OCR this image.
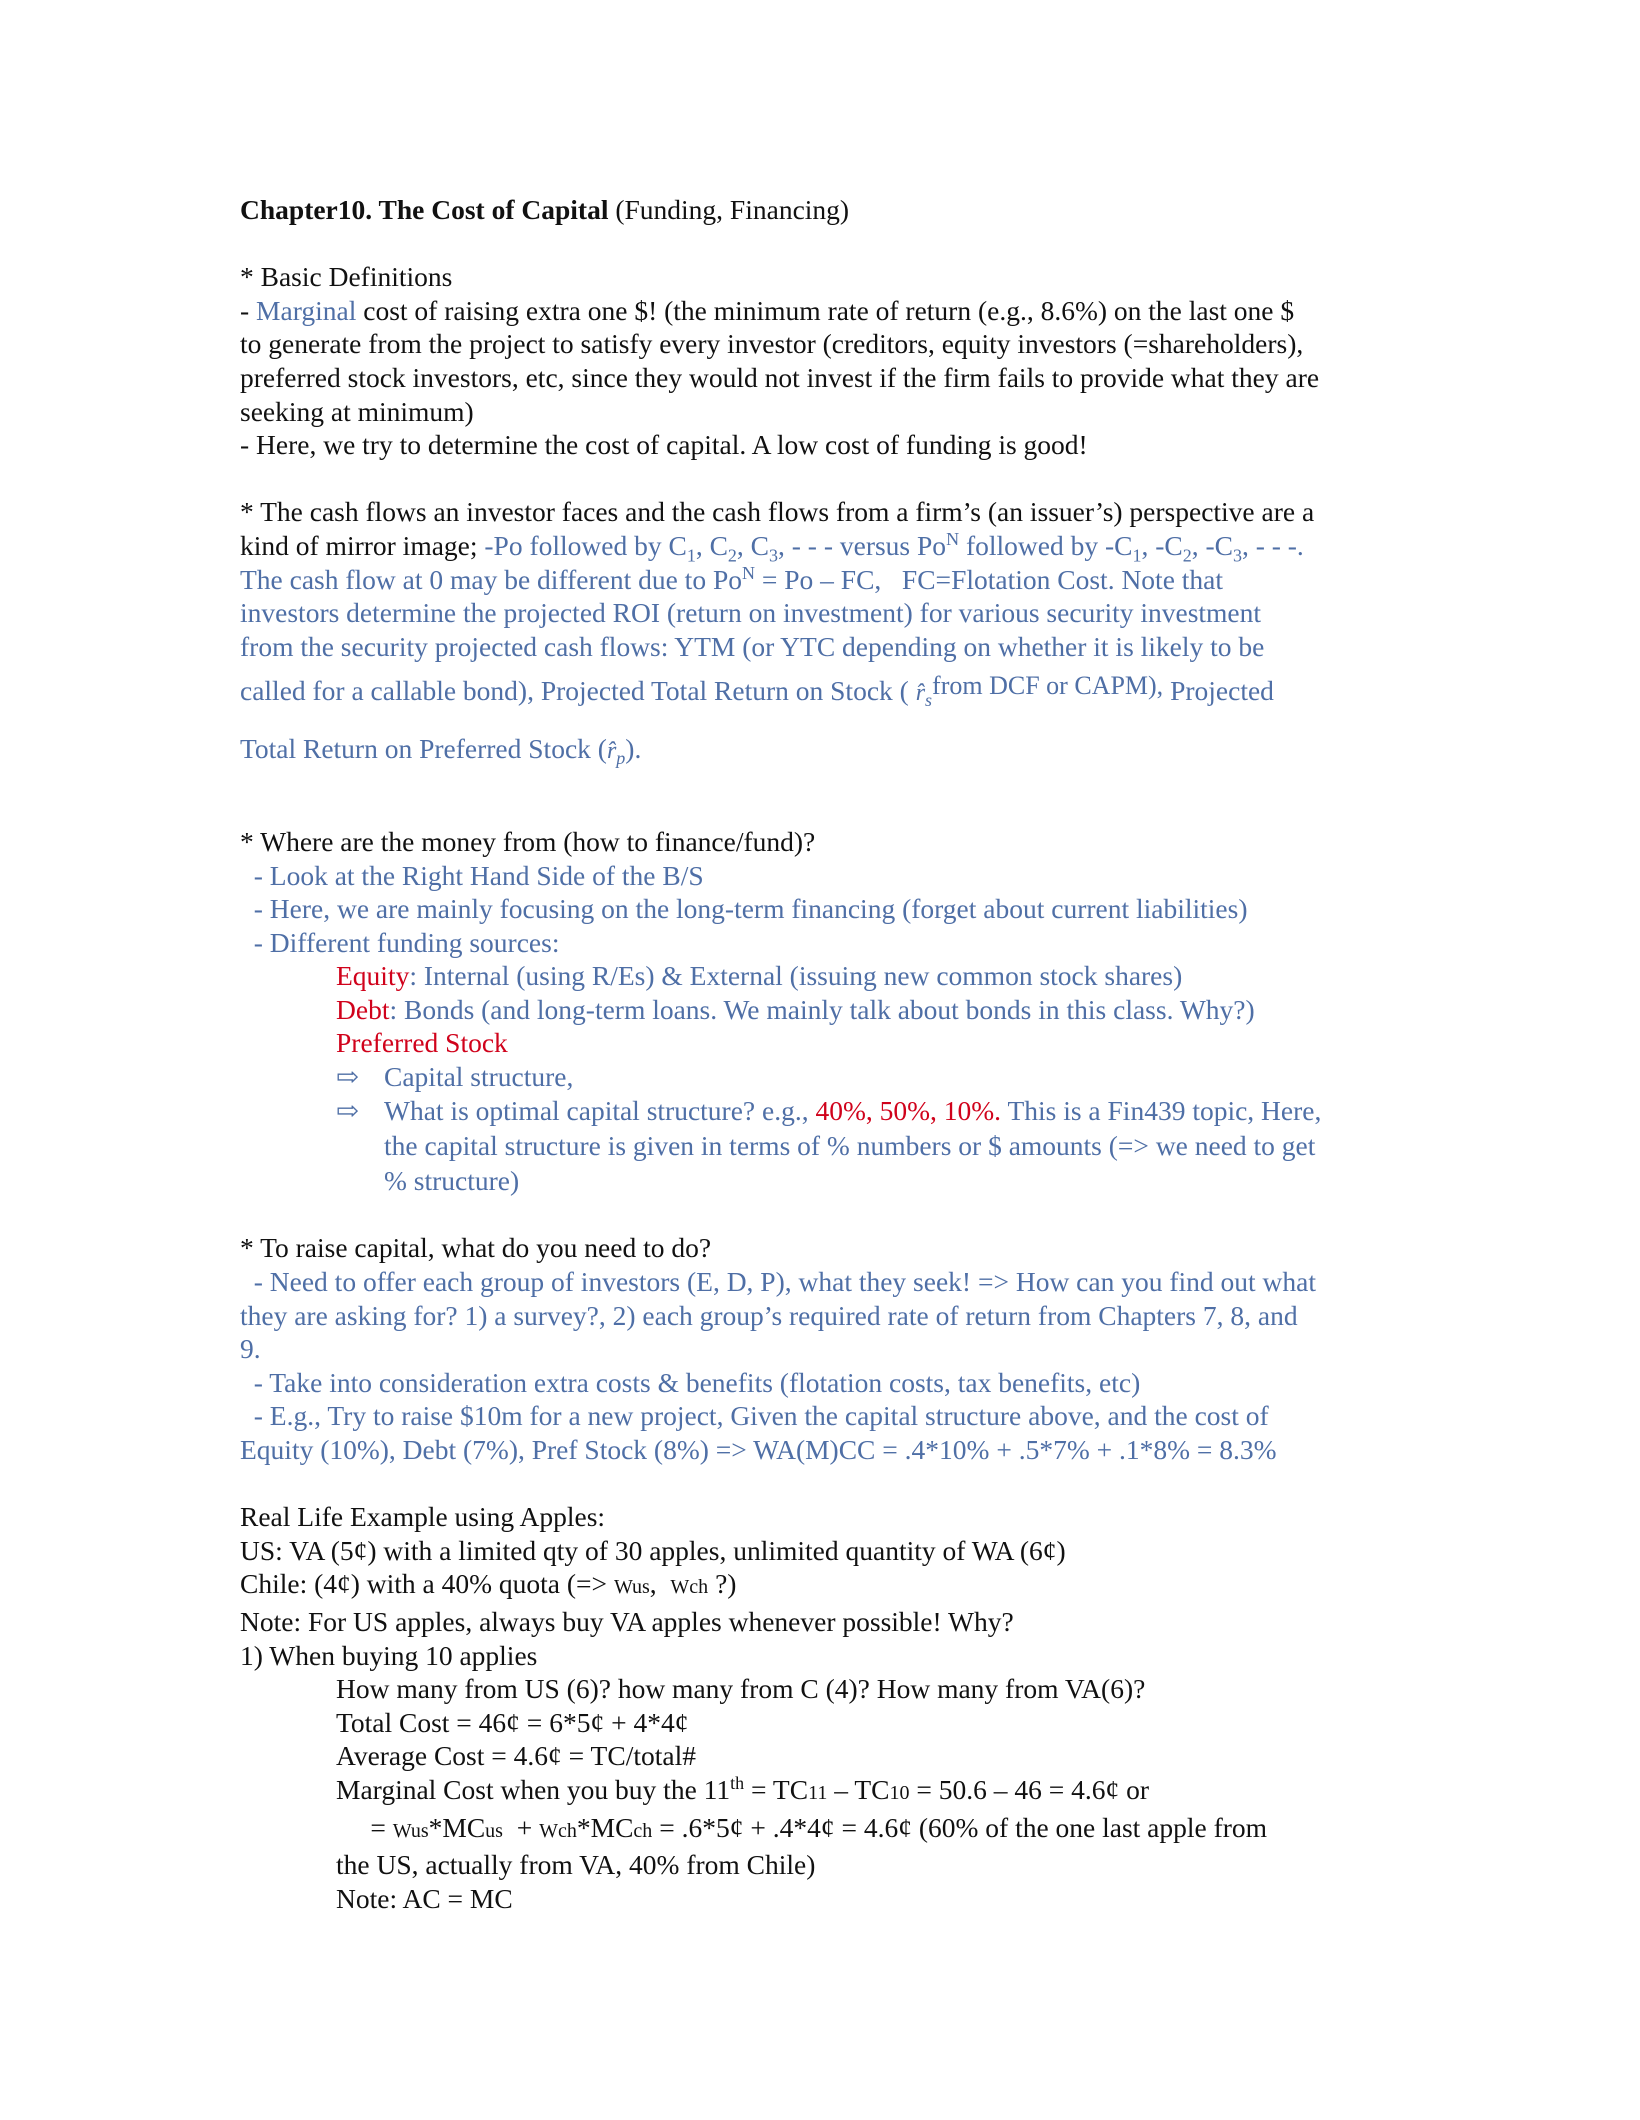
Chapter10. The Cost of Capital (Funding, Financing)
* Basic Definitions
- Marginal cost of raising extra one $! (the minimum rate of return (e.g., 8.6%) on the last one $
to generate from the project to satisfy every investor (creditors, equity investors (=shareholders),
preferred stock investors, etc, since they would not invest if the firm fails to provide what they are
seeking at minimum)
- Here, we try to determine the cost of capital. A low cost of funding is good!
* The cash flows an investor faces and the cash flows from a firm’s (an issuer’s) perspective are a
kind of mirror image; -Po followed by $C_1$, $C_2$, $C_3$, - - - versus $Po^N$ followed by $-C_1$, $-C_2$, $-C_3$, - - -.
The cash flow at 0 may be different due to $Po^N = Po$ – FC,   FC=Flotation Cost. Note that
investors determine the projected ROI (return on investment) for various security investment
from the security projected cash flows: YTM (or YTC depending on whether it is likely to be
called for a callable bond), Projected Total Return on Stock ( $r̂_sfrom$ DCF or CAPM), Projected
Total Return on Preferred Stock $(r̂_p)$.
* Where are the money from (how to finance/fund)?
- Look at the Right Hand Side of the B/S
- Here, we are mainly focusing on the long-term financing (forget about current liabilities)
- Different funding sources:
Equity: Internal (using R/Es) & External (issuing new common stock shares)
Debt: Bonds (and long-term loans. We mainly talk about bonds in this class. Why?)
Preferred Stock
⇨ Capital structure,
⇨ What is optimal capital structure? e.g., 40%, 50%, 10%. This is a Fin439 topic, Here,
the capital structure is given in terms of % numbers or $ amounts (=> we need to get
% structure)
* To raise capital, what do you need to do?
- Need to offer each group of investors (E, D, P), what they seek! => How can you find out what
they are asking for? 1) a survey?, 2) each group’s required rate of return from Chapters 7, 8, and
9.
- Take into consideration extra costs & benefits (flotation costs, tax benefits, etc)
- E.g., Try to raise $10m for a new project, Given the capital structure above, and the cost of
Equity (10%), Debt (7%), Pref Stock (8%) => WA(M)CC = .4*10% + .5*7% + .1*8% = 8.3%
Real Life Example using Apples:
US: VA (5¢) with a limited qty of 30 apples, unlimited quantity of WA (6¢)
Chile: (4¢) with a 40% quota (=> Wus,  Wch ?)
Note: For US apples, always buy VA apples whenever possible! Why?
1) When buying 10 applies
How many from US (6)? how many from C (4)? How many from VA(6)?
Total Cost = 46¢ = 6*5¢ + 4*4¢
Average Cost = 4.6¢ = TC/total#
Marginal Cost when you buy the 11th = TC11 – TC10 = 50.6 – 46 = 4.6¢ or
= Wus*MCus  + Wch*MCch = .6*5¢ + .4*4¢ = 4.6¢ (60% of the one last apple from
the US, actually from VA, 40% from Chile)
Note: AC = MC
